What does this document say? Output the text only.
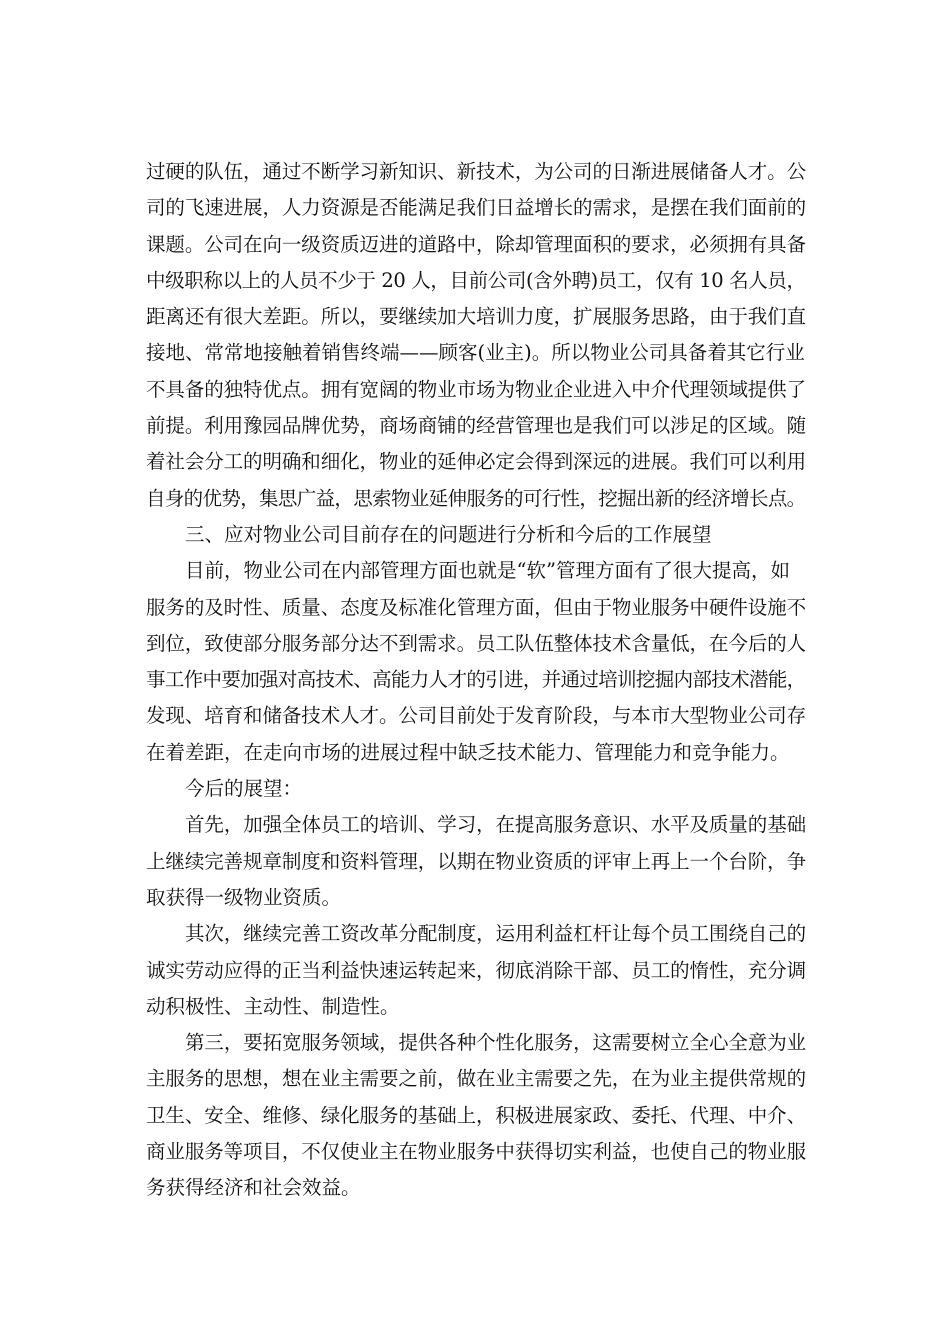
过硬的队伍，通过不断学习新知识、新技术，为公司的日渐进展储备人才。公
司的飞速进展，人力资源是否能满足我们日益增长的需求，是摆在我们面前的
课题。公司在向一级资质迈进的道路中，除却管理面积的要求，必须拥有具备
中级职称以上的人员不少于 20 人，目前公司(含外聘)员工，仅有 10 名人员，
距离还有很大差距。所以，要继续加大培训力度，扩展服务思路，由于我们直
接地、常常地接触着销售终端——顾客(业主)。所以物业公司具备着其它行业
不具备的独特优点。拥有宽阔的物业市场为物业企业进入中介代理领域提供了
前提。利用豫园品牌优势，商场商铺的经营管理也是我们可以涉足的区域。随
着社会分工的明确和细化，物业的延伸必定会得到深远的进展。我们可以利用
自身的优势，集思广益，思索物业延伸服务的可行性，挖掘出新的经济增长点。
三、应对物业公司目前存在的问题进行分析和今后的工作展望
目前，物业公司在内部管理方面也就是“软”管理方面有了很大提高，如
服务的及时性、质量、态度及标准化管理方面，但由于物业服务中硬件设施不
到位，致使部分服务部分达不到需求。员工队伍整体技术含量低，在今后的人
事工作中要加强对高技术、高能力人才的引进，并通过培训挖掘内部技术潜能，
发现、培育和储备技术人才。公司目前处于发育阶段，与本市大型物业公司存
在着差距，在走向市场的进展过程中缺乏技术能力、管理能力和竞争能力。
今后的展望：
首先，加强全体员工的培训、学习，在提高服务意识、水平及质量的基础
上继续完善规章制度和资料管理，以期在物业资质的评审上再上一个台阶，争
取获得一级物业资质。
其次，继续完善工资改革分配制度，运用利益杠杆让每个员工围绕自己的
诚实劳动应得的正当利益快速运转起来，彻底消除干部、员工的惰性，充分调
动积极性、主动性、制造性。
第三，要拓宽服务领域，提供各种个性化服务，这需要树立全心全意为业
主服务的思想，想在业主需要之前，做在业主需要之先，在为业主提供常规的
卫生、安全、维修、绿化服务的基础上，积极进展家政、委托、代理、中介、
商业服务等项目，不仅使业主在物业服务中获得切实利益，也使自己的物业服
务获得经济和社会效益。
